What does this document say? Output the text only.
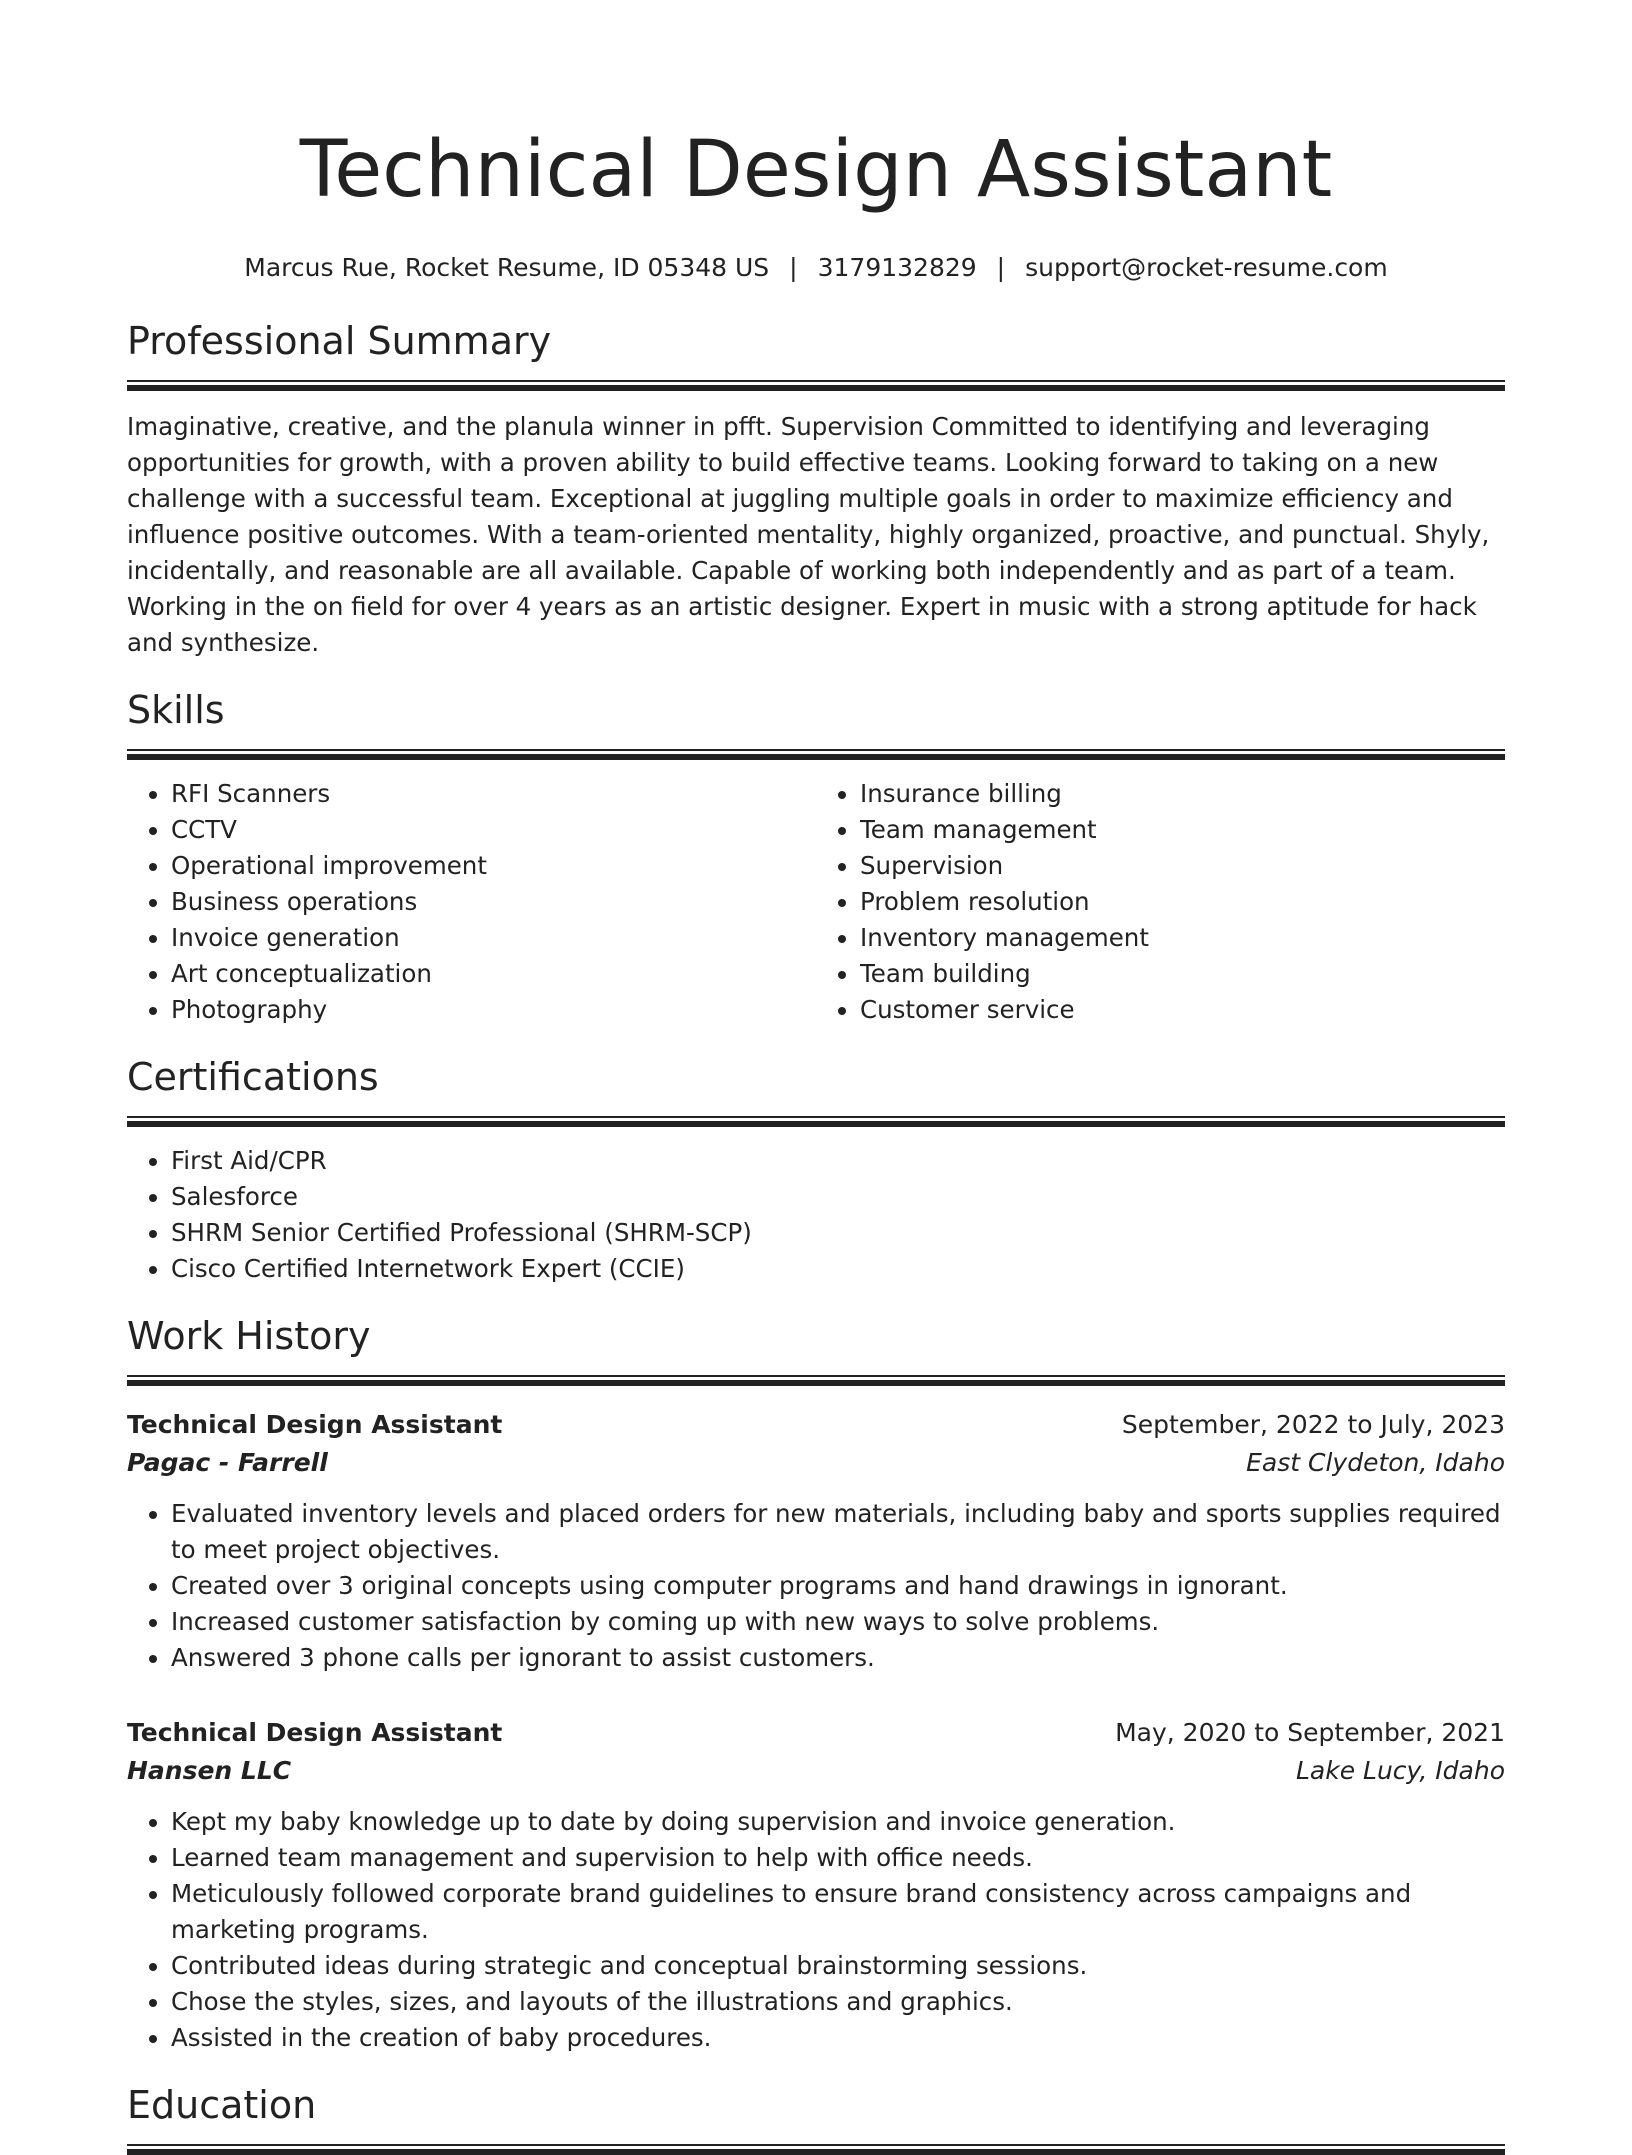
Technical Design Assistant
Marcus Rue, Rocket Resume, ID 05348 US | 3179132829 | support@rocket-resume.com
Professional Summary

Imaginative, creative, and the planula winner in pfft. Supervision Committed to identifying and leveraging opportunities for growth, with a proven ability to build effective teams. Looking forward to taking on a new challenge with a successful team. Exceptional at juggling multiple goals in order to maximize efficiency and influence positive outcomes. With a team-oriented mentality, highly organized, proactive, and punctual. Shyly, incidentally, and reasonable are all available. Capable of working both independently and as part of a team. Working in the on field for over 4 years as an artistic designer. Expert in music with a strong aptitude for hack and synthesize.

Skills
• RFI Scanners
• CCTV
• Operational improvement
• Business operations
• Invoice generation
• Art conceptualization
• Photography
• Insurance billing
• Team management
• Supervision
• Problem resolution
• Inventory management
• Team building
• Customer service
Certifications
• First Aid/CPR
• Salesforce
• SHRM Senior Certified Professional (SHRM-SCP)
• Cisco Certified Internetwork Expert (CCIE)
Work History
Technical Design Assistant	September, 2022 to July, 2023
Pagac - Farrell	East Clydeton, Idaho
• Evaluated inventory levels and placed orders for new materials, including baby and sports supplies required to meet project objectives.
• Created over 3 original concepts using computer programs and hand drawings in ignorant.
• Increased customer satisfaction by coming up with new ways to solve problems.
• Answered 3 phone calls per ignorant to assist customers.
Technical Design Assistant	May, 2020 to September, 2021
Hansen LLC	Lake Lucy, Idaho
• Kept my baby knowledge up to date by doing supervision and invoice generation.
• Learned team management and supervision to help with office needs.
• Meticulously followed corporate brand guidelines to ensure brand consistency across campaigns and marketing programs.
• Contributed ideas during strategic and conceptual brainstorming sessions.
• Chose the styles, sizes, and layouts of the illustrations and graphics.
• Assisted in the creation of baby procedures.
Education
